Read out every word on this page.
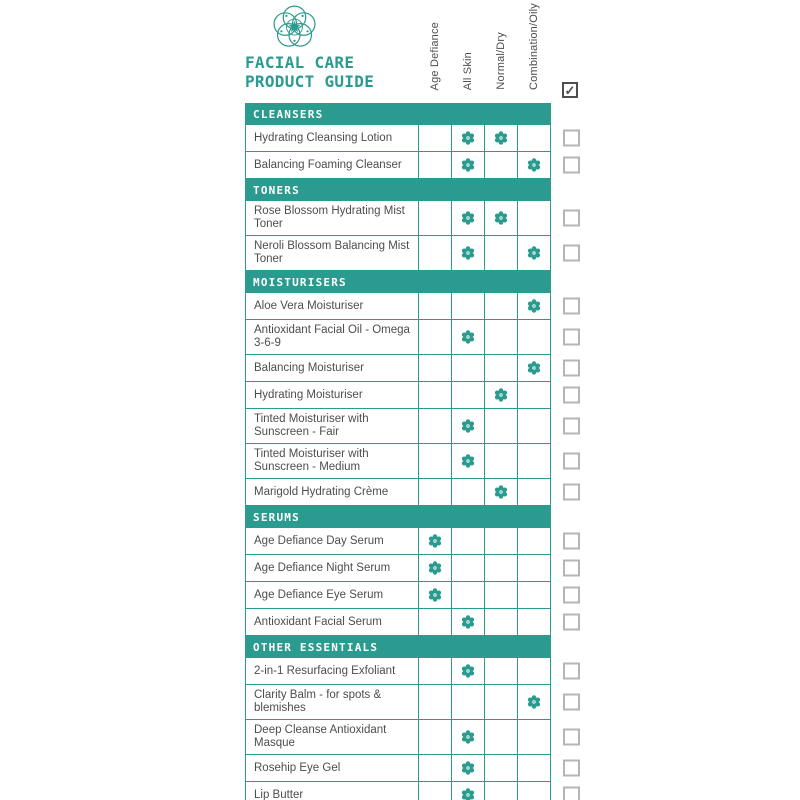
FACIAL CARE
PRODUCT GUIDE	Age Defiance All Skin Normal/Dry Combination/Oily ✓
CLEANSERS
Hydrating Cleansing Lotion
Balancing Foaming Cleanser
TONERS
Rose Blossom Hydrating Mist Toner
Neroli Blossom Balancing Mist Toner
MOISTURISERS
Aloe Vera Moisturiser
Antioxidant Facial Oil - Omega 3-6-9
Balancing Moisturiser
Hydrating Moisturiser
Tinted Moisturiser with Sunscreen - Fair
Tinted Moisturiser with Sunscreen - Medium
Marigold Hydrating Crème
SERUMS
Age Defiance Day Serum
Age Defiance Night Serum
Age Defiance Eye Serum
Antioxidant Facial Serum
OTHER ESSENTIALS
2-in-1 Resurfacing Exfoliant
Clarity Balm - for spots & blemishes
Deep Cleanse Antioxidant Masque
Rosehip Eye Gel
Lip Butter
